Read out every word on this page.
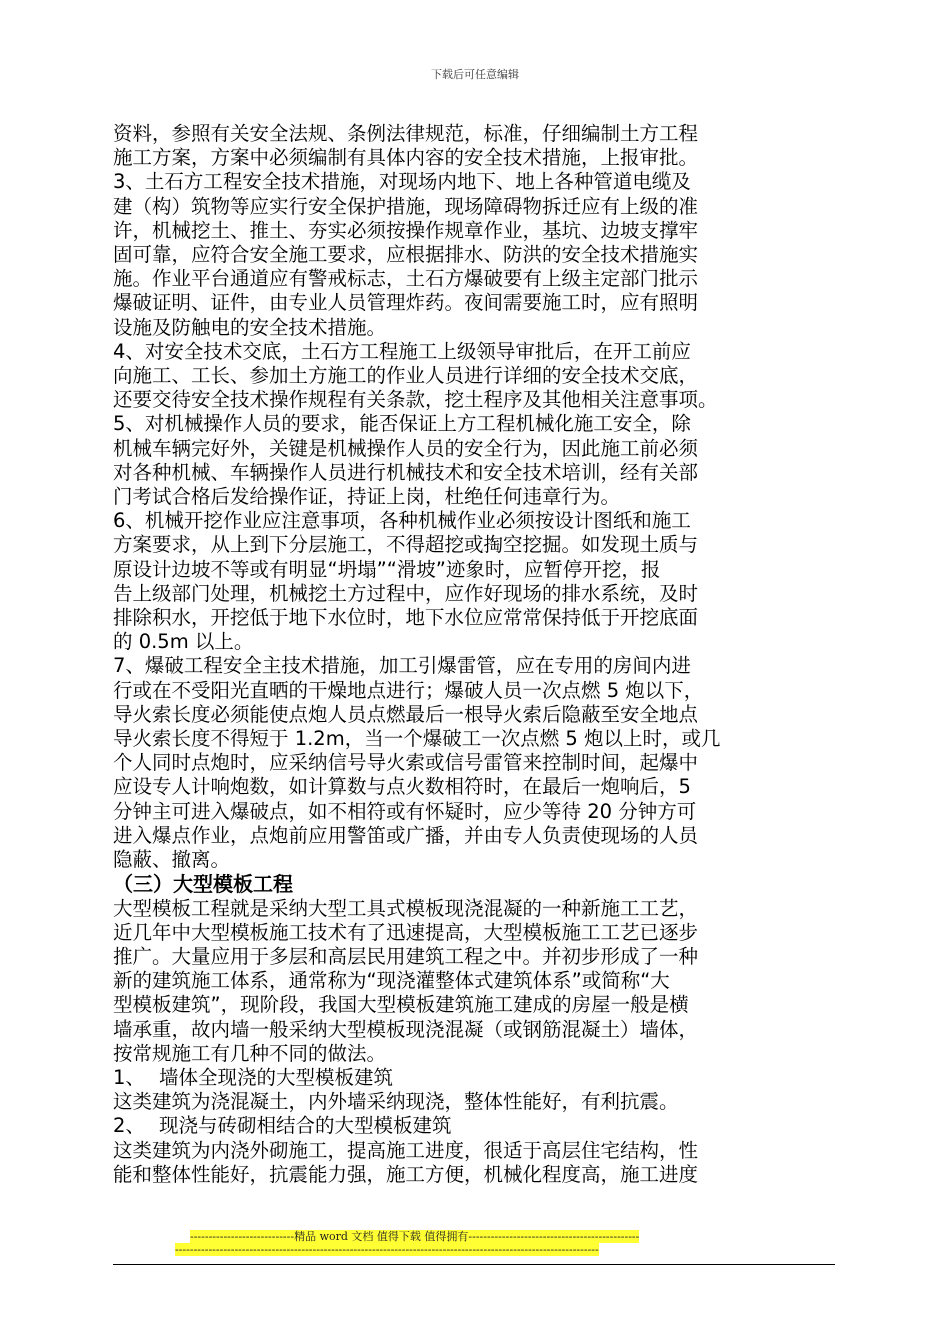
下载后可任意编辑

资料，参照有关安全法规、条例法律规范，标准，仔细编制土方工程

施工方案，方案中必须编制有具体内容的安全技术措施，上报审批。

3、土石方工程安全技术措施，对现场内地下、地上各种管道电缆及

建（构）筑物等应实行安全保护措施，现场障碍物拆迁应有上级的准

许，机械挖土、推土、夯实必须按操作规章作业，基坑、边坡支撑牢

固可靠，应符合安全施工要求，应根据排水、防洪的安全技术措施实

施。作业平台通道应有警戒标志，土石方爆破要有上级主定部门批示

爆破证明、证件，由专业人员管理炸药。夜间需要施工时，应有照明

设施及防触电的安全技术措施。

4、对安全技术交底，土石方工程施工上级领导审批后，在开工前应

向施工、工长、参加土方施工的作业人员进行详细的安全技术交底，

还要交待安全技术操作规程有关条款，挖土程序及其他相关注意事项。

5、对机械操作人员的要求，能否保证上方工程机械化施工安全，除

机械车辆完好外，关键是机械操作人员的安全行为，因此施工前必须

对各种机械、车辆操作人员进行机械技术和安全技术培训，经有关部

门考试合格后发给操作证，持证上岗，杜绝任何违章行为。

6、机械开挖作业应注意事项，各种机械作业必须按设计图纸和施工

方案要求，从上到下分层施工，不得超挖或掏空挖掘。如发现土质与

原设计边坡不等或有明显“坍塌”“滑坡”迹象时，应暂停开挖，报

告上级部门处理，机械挖土方过程中，应作好现场的排水系统，及时

排除积水，开挖低于地下水位时，地下水位应常常保持低于开挖底面

的 0.5m 以上。

7、爆破工程安全主技术措施，加工引爆雷管，应在专用的房间内进

行或在不受阳光直晒的干燥地点进行；爆破人员一次点燃 5 炮以下，

导火索长度必须能使点炮人员点燃最后一根导火索后隐蔽至安全地点

导火索长度不得短于 1.2m，当一个爆破工一次点燃 5 炮以上时，或几

个人同时点炮时，应采纳信号导火索或信号雷管来控制时间，起爆中

应设专人计响炮数，如计算数与点火数相符时，在最后一炮响后，5

分钟主可进入爆破点，如不相符或有怀疑时，应少等待 20 分钟方可

进入爆点作业，点炮前应用警笛或广播，并由专人负责使现场的人员

隐蔽、撤离。

（三）大型模板工程

大型模板工程就是采纳大型工具式模板现浇混凝的一种新施工工艺，

近几年中大型模板施工技术有了迅速提高，大型模板施工工艺已逐步

推广。大量应用于多层和高层民用建筑工程之中。并初步形成了一种

新的建筑施工体系，通常称为“现浇灌整体式建筑体系”或简称“大

型模板建筑”，现阶段，我国大型模板建筑施工建成的房屋一般是横

墙承重，故内墙一般采纳大型模板现浇混凝（或钢筋混凝土）墙体，

按常规施工有几种不同的做法。

1、 墙体全现浇的大型模板建筑

这类建筑为浇混凝土，内外墙采纳现浇，整体性能好，有利抗震。

2、 现浇与砖砌相结合的大型模板建筑

这类建筑为内浇外砌施工，提高施工进度，很适于高层住宅结构，性

能和整体性能好，抗震能力强，施工方便，机械化程度高，施工进度

----------------------------精品 word 文档 值得下载 值得拥有----------------------------------------------
------------------------------------------------------------------------------------------------------------------
